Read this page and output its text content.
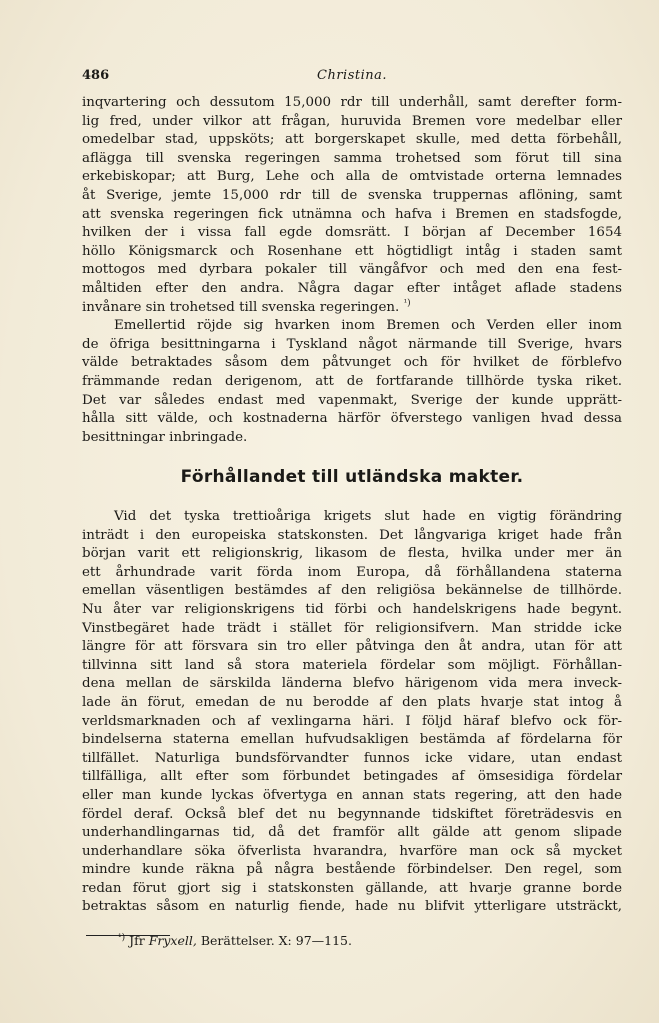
486	Christina.
inqvartering och dessutom 15,000 rdr till underhåll, samt derefter form-
lig fred, under vilkor att frågan, huruvida Bremen vore medelbar eller
omedelbar stad, uppsköts; att borgerskapet skulle, med detta förbehåll,
aflägga till svenska regeringen samma trohetsed som förut till sina
erkebiskopar; att Burg, Lehe och alla de omtvistade orterna lemnades
åt Sverige, jemte 15,000 rdr till de svenska truppernas aflöning, samt
att svenska regeringen fick utnämna och hafva i Bremen en stadsfogde,
hvilken der i vissa fall egde domsrätt. I början af December 1654
höllo Königsmarck och Rosenhane ett högtidligt intåg i staden samt
mottogos med dyrbara pokaler till vängåfvor och med den ena fest-
måltiden efter den andra. Några dagar efter intåget aflade stadens
invånare sin trohetsed till svenska regeringen. $^{^1)}$
Emellertid röjde sig hvarken inom Bremen och Verden eller inom
de öfriga besittningarna i Tyskland något närmande till Sverige, hvars
välde betraktades såsom dem påtvunget och för hvilket de förblefvo
främmande redan derigenom, att de fortfarande tillhörde tyska riket.
Det var således endast med vapenmakt, Sverige der kunde upprätt-
hålla sitt välde, och kostnaderna härför öfverstego vanligen hvad dessa
besittningar inbringade.
Förhållandet till utländska makter.
Vid det tyska trettioåriga krigets slut hade en vigtig förändring
inträdt i den europeiska statskonsten. Det långvariga kriget hade från
början varit ett religionskrig, likasom de flesta, hvilka under mer än
ett århundrade varit förda inom Europa, då förhållandena staterna
emellan väsentligen bestämdes af den religiösa bekännelse de tillhörde.
Nu åter var religionskrigens tid förbi och handelskrigens hade begynt.
Vinstbegäret hade trädt i stället för religionsifvern. Man stridde icke
längre för att försvara sin tro eller påtvinga den åt andra, utan för att
tillvinna sitt land så stora materiela fördelar som möjligt. Förhållan-
dena mellan de särskilda länderna blefvo härigenom vida mera inveck-
lade än förut, emedan de nu berodde af den plats hvarje stat intog å
verldsmarknaden och af vexlingarna häri. I följd häraf blefvo ock för-
bindelserna staterna emellan hufvudsakligen bestämda af fördelarna för
tillfället. Naturliga bundsförvandter funnos icke vidare, utan endast
tillfälliga, allt efter som förbundet betingades af ömsesidiga fördelar
eller man kunde lyckas öfvertyga en annan stats regering, att den hade
fördel deraf. Också blef det nu begynnande tidskiftet företrädesvis en
underhandlingarnas tid, då det framför allt gälde att genom slipade
underhandlare söka öfverlista hvarandra, hvarföre man ock så mycket
mindre kunde räkna på några bestående förbindelser. Den regel, som
redan förut gjort sig i statskonsten gällande, att hvarje granne borde
betraktas såsom en naturlig fiende, hade nu blifvit ytterligare utsträckt,
$^{^1)}$ Jfr Fryxell, Berättelser. X: 97—115.
